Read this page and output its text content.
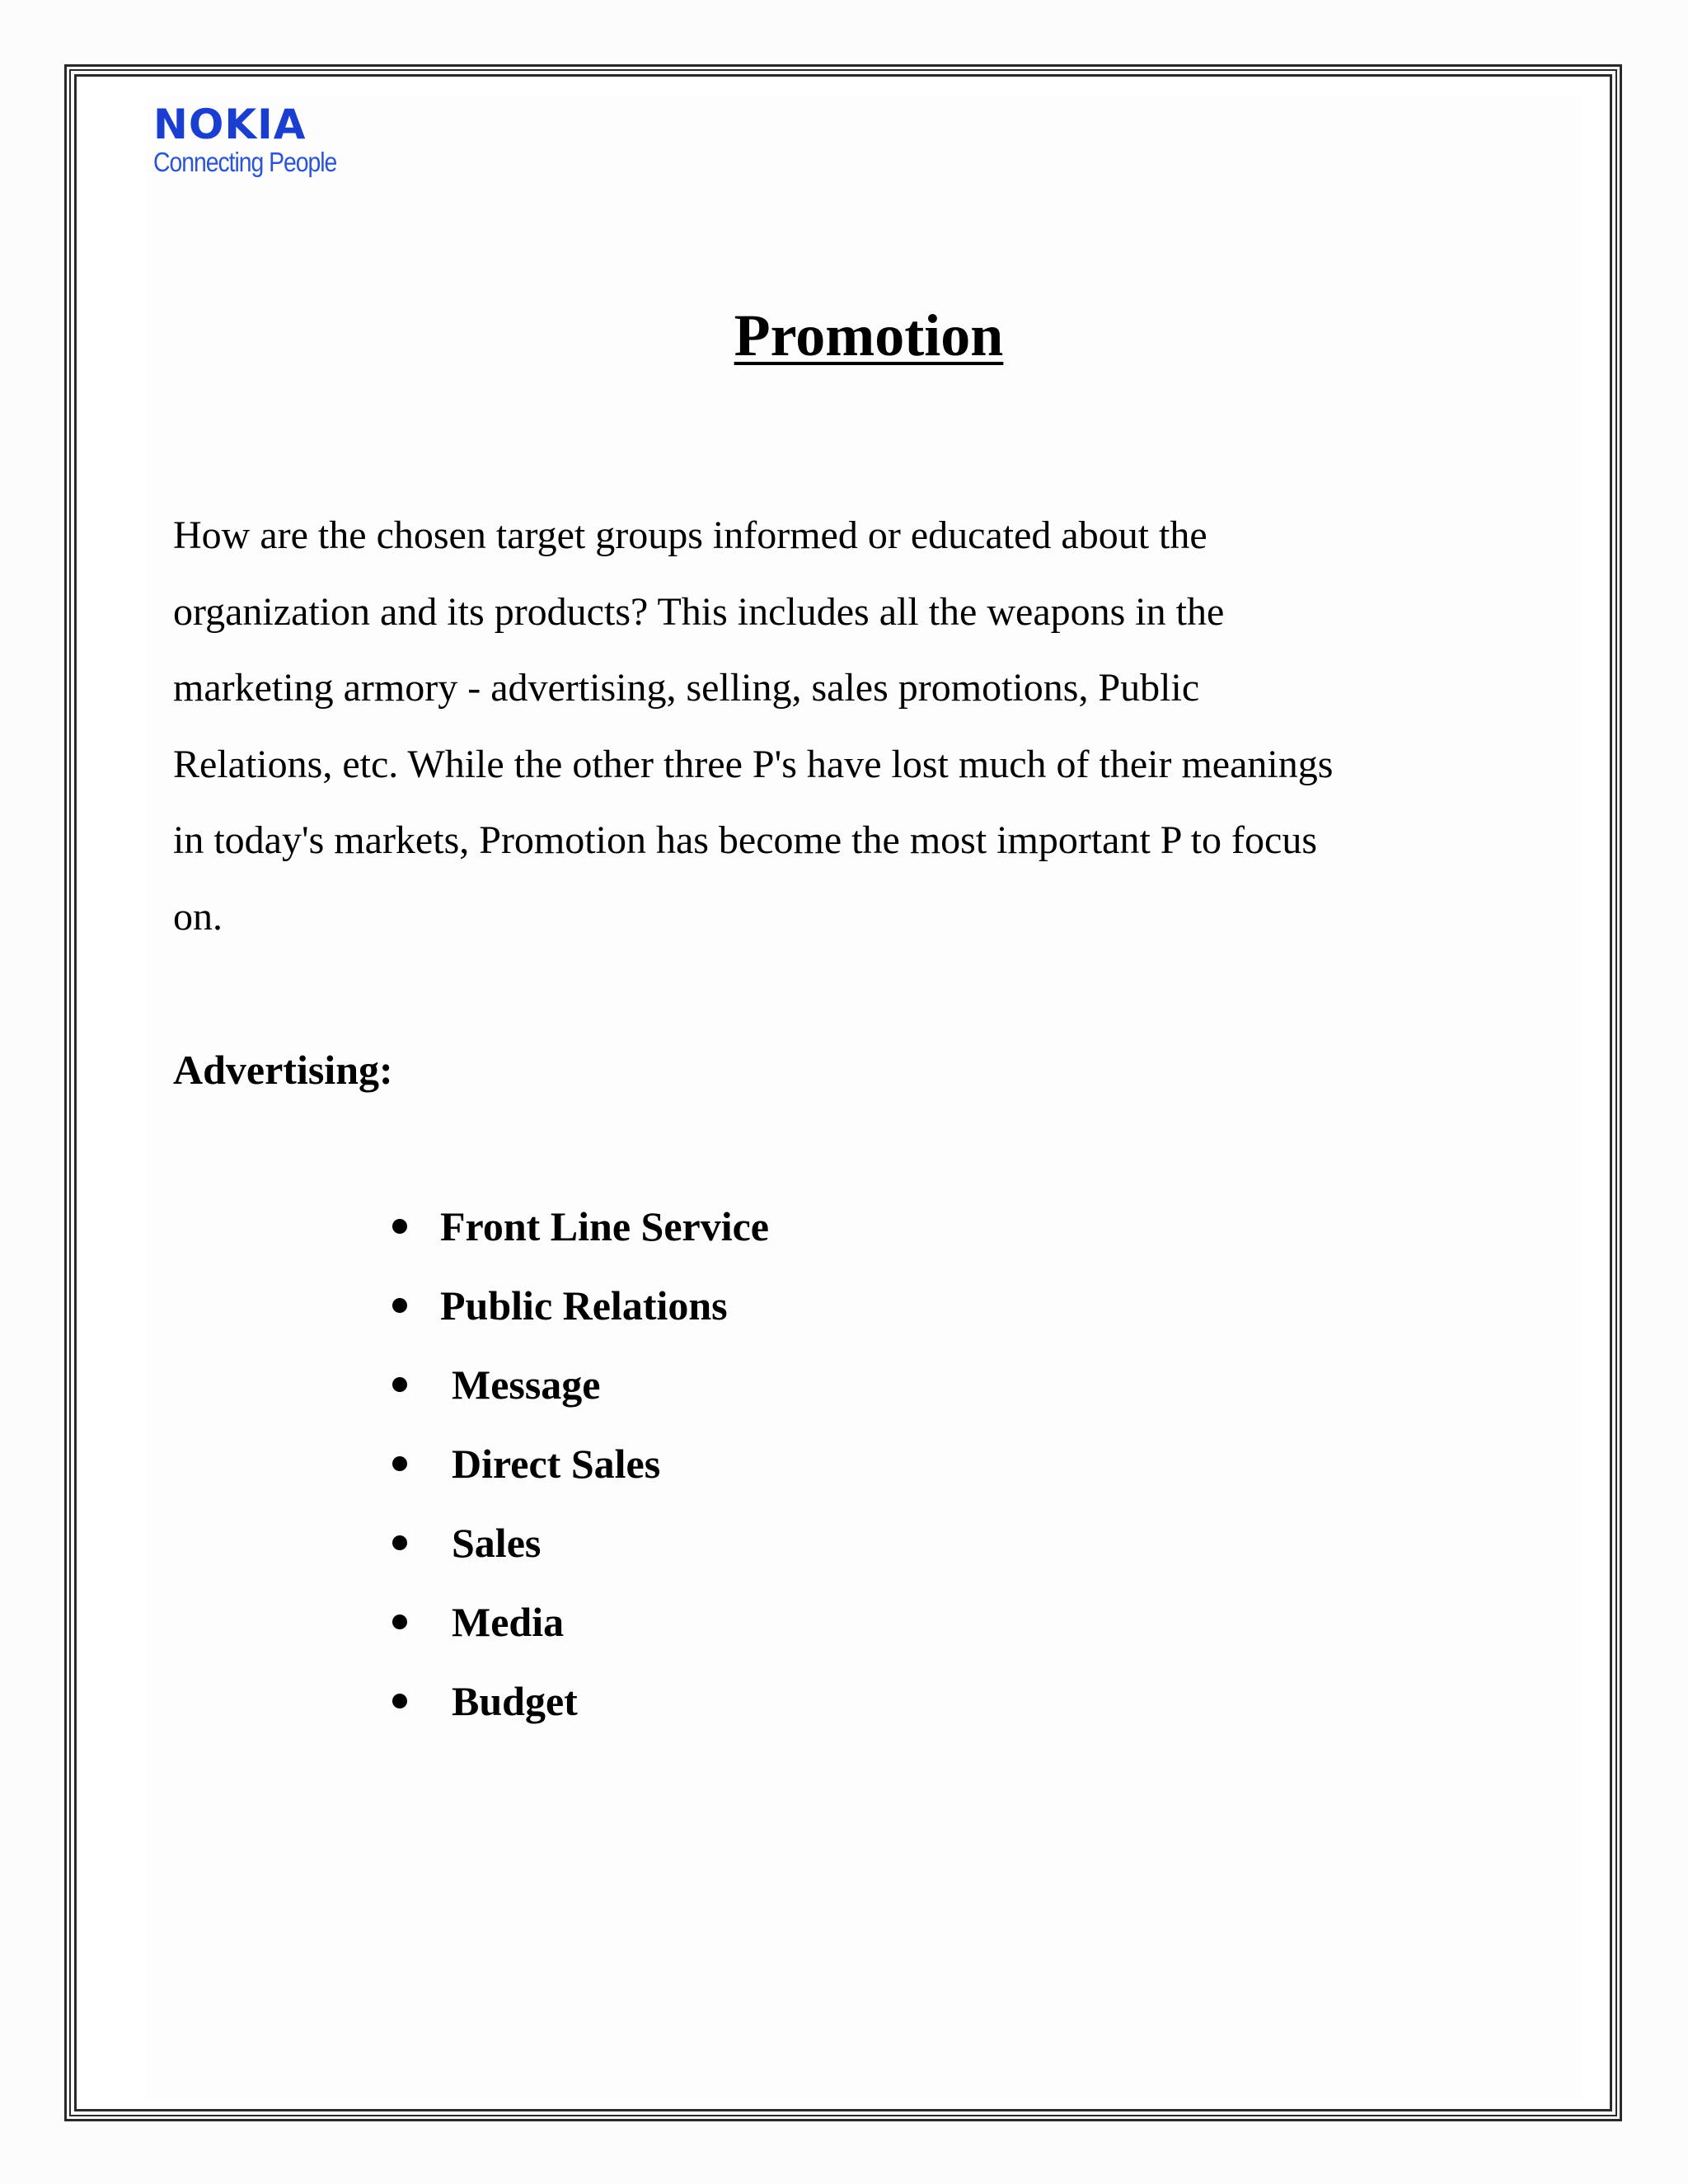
NOKIA
Connecting People
Promotion

How are the chosen target groups informed or educated about the
organization and its products? This includes all the weapons in the
marketing armory - advertising, selling, sales promotions, Public
Relations, etc. While the other three P's have lost much of their meanings
in today's markets, Promotion has become the most important P to focus
on.

Advertising:
Front Line Service
Public Relations
Message
Direct Sales
Sales
Media
Budget
